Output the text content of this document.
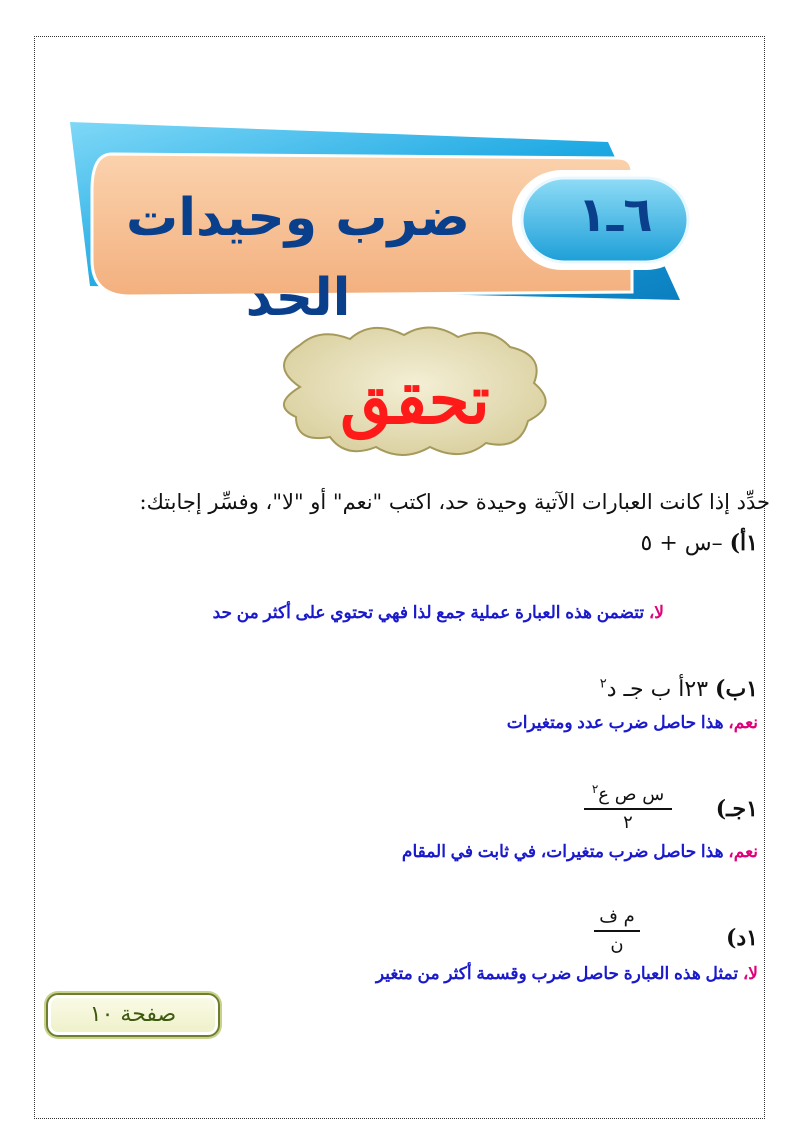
ضرب وحيدات الحد
٦ـ١
تحقق
حدِّد إذا كانت العبارات الآتية وحيدة حد، اكتب "نعم" أو "لا"، وفسِّر إجابتك:
١أ) –س + ٥
لا، تتضمن هذه العبارة عملية جمع لذا فهي تحتوي على أكثر من حد
١ب) ٢٣أ ب جـ د$^٢$
نعم، هذا حاصل ضرب عدد ومتغيرات
١جـ)
س ص ع$^٢$
٢
نعم، هذا حاصل ضرب متغيرات، في ثابت في المقام
١د)
م ف
ن
لا، تمثل هذه العبارة حاصل ضرب وقسمة أكثر من متغير
صفحة ١٠
